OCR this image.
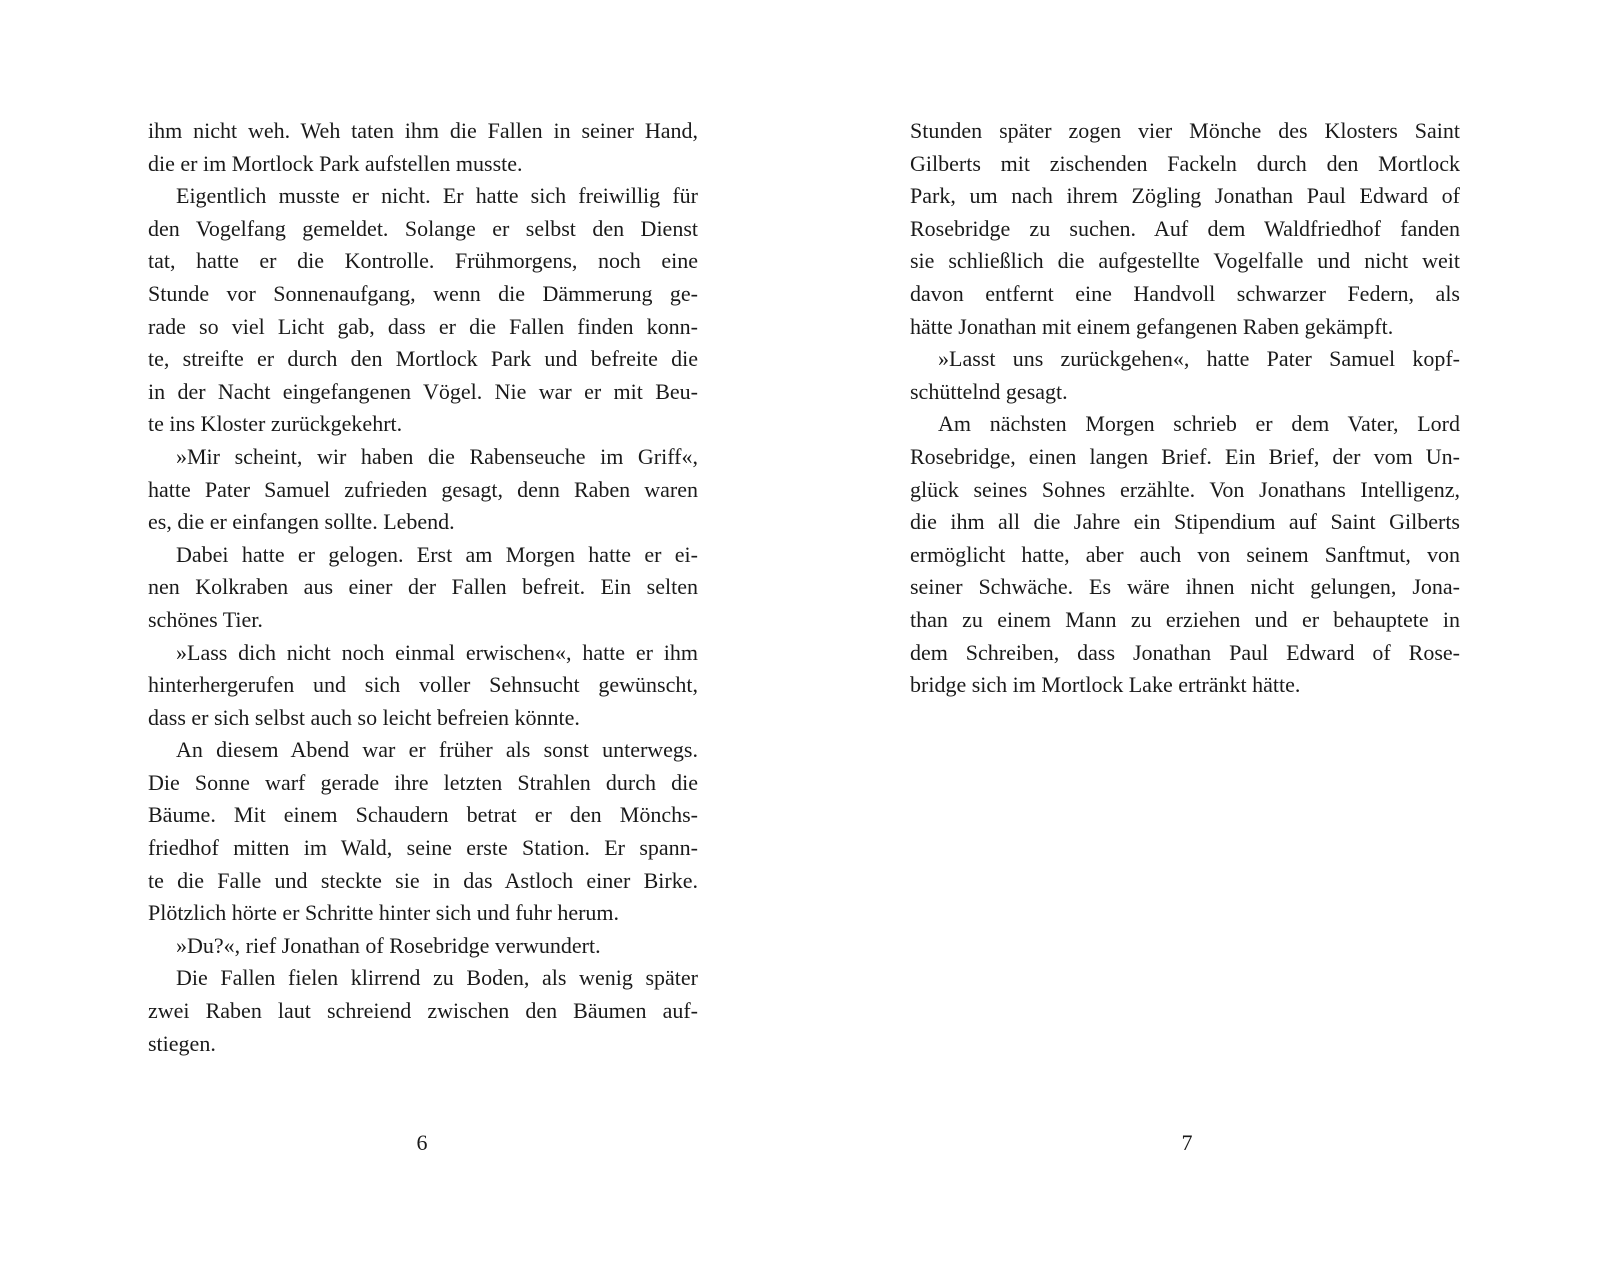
ihm nicht weh. Weh taten ihm die Fallen in seiner Hand,
die er im Mortlock Park aufstellen musste.
Eigentlich musste er nicht. Er hatte sich freiwillig für
den Vogelfang gemeldet. Solange er selbst den Dienst
tat, hatte er die Kontrolle. Frühmorgens, noch eine
Stunde vor Sonnenaufgang, wenn die Dämmerung ge-
rade so viel Licht gab, dass er die Fallen finden konn-
te, streifte er durch den Mortlock Park und befreite die
in der Nacht eingefangenen Vögel. Nie war er mit Beu-
te ins Kloster zurückgekehrt.
»Mir scheint, wir haben die Rabenseuche im Griff«,
hatte Pater Samuel zufrieden gesagt, denn Raben waren
es, die er einfangen sollte. Lebend.
Dabei hatte er gelogen. Erst am Morgen hatte er ei-
nen Kolkraben aus einer der Fallen befreit. Ein selten
schönes Tier.
»Lass dich nicht noch einmal erwischen«, hatte er ihm
hinterhergerufen und sich voller Sehnsucht gewünscht,
dass er sich selbst auch so leicht befreien könnte.
An diesem Abend war er früher als sonst unterwegs.
Die Sonne warf gerade ihre letzten Strahlen durch die
Bäume. Mit einem Schaudern betrat er den Mönchs-
friedhof mitten im Wald, seine erste Station. Er spann-
te die Falle und steckte sie in das Astloch einer Birke.
Plötzlich hörte er Schritte hinter sich und fuhr herum.
»Du?«, rief Jonathan of Rosebridge verwundert.
Die Fallen fielen klirrend zu Boden, als wenig später
zwei Raben laut schreiend zwischen den Bäumen auf-
stiegen.
6
Stunden später zogen vier Mönche des Klosters Saint
Gilberts mit zischenden Fackeln durch den Mortlock
Park, um nach ihrem Zögling Jonathan Paul Edward of
Rosebridge zu suchen. Auf dem Waldfriedhof fanden
sie schließlich die aufgestellte Vogelfalle und nicht weit
davon entfernt eine Handvoll schwarzer Federn, als
hätte Jonathan mit einem gefangenen Raben gekämpft.
»Lasst uns zurückgehen«, hatte Pater Samuel kopf-
schüttelnd gesagt.
Am nächsten Morgen schrieb er dem Vater, Lord
Rosebridge, einen langen Brief. Ein Brief, der vom Un-
glück seines Sohnes erzählte. Von Jonathans Intelligenz,
die ihm all die Jahre ein Stipendium auf Saint Gilberts
ermöglicht hatte, aber auch von seinem Sanftmut, von
seiner Schwäche. Es wäre ihnen nicht gelungen, Jona-
than zu einem Mann zu erziehen und er behauptete in
dem Schreiben, dass Jonathan Paul Edward of Rose-
bridge sich im Mortlock Lake ertränkt hätte.
7
